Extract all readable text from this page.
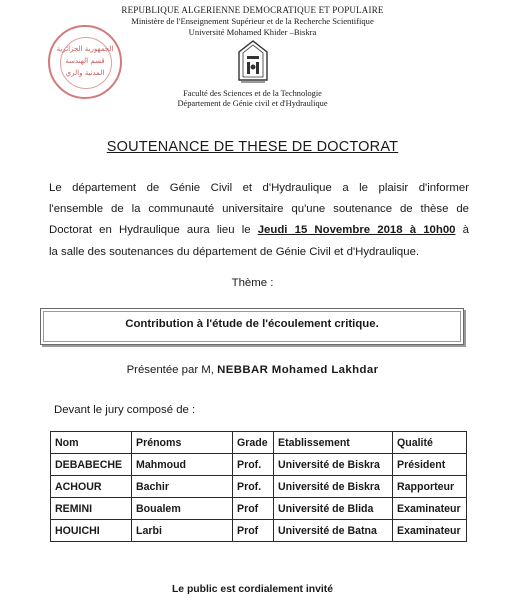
REPUBLIQUE ALGERIENNE DEMOCRATIQUE ET POPULAIRE
Ministère de l'Enseignement Supérieur et de la Recherche Scientifique
Université Mohamed Khider –Biskra
الجمهورية الجزائرية
قسم الهندسة
المدنية والري
Faculté des Sciences et de la Technologie
Département de Génie civil et d'Hydraulique
SOUTENANCE DE THESE DE DOCTORAT
Le département de Génie Civil et d'Hydraulique a le plaisir d'informer
l'ensemble de la communauté universitaire qu'une soutenance de thèse de
Doctorat en Hydraulique aura lieu le Jeudi 15 Novembre 2018 à 10h00 à
la salle des soutenances du département de Génie Civil et d'Hydraulique.
Thème :
Contribution à l'étude de l'écoulement critique.
Présentée par M, NEBBAR Mohamed Lakhdar
Devant le jury composé de :
Nom	Prénoms	Grade	Etablissement	Qualité
DEBABECHE	Mahmoud	Prof.	Université de Biskra	Président
ACHOUR	Bachir	Prof.	Université de Biskra	Rapporteur
REMINI	Boualem	Prof	Université de Blida	Examinateur
HOUICHI	Larbi	Prof	Université de Batna	Examinateur
Le public est cordialement invité
